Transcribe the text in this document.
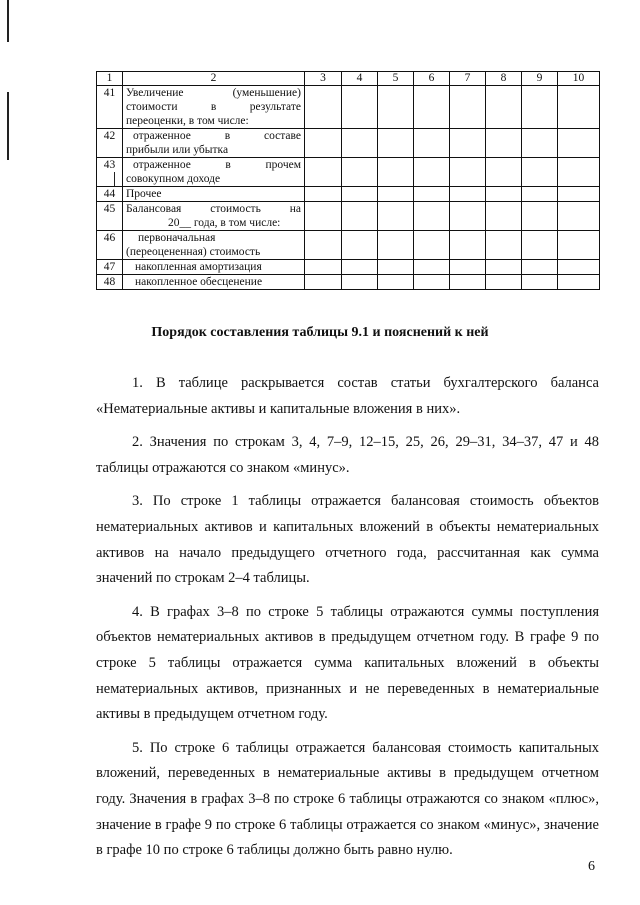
1	2	3	4	5	6	7	8	9	10
41	Увеличение (уменьшение)
стоимости в результате
переоценки, в том числе:								

42	отраженное в составе
прибыли или убытка								

43	отраженное в прочем
совокупном доходе								

44	Прочее								
45	Балансовая стоимость на
20__ года, в том числе:								

46	первоначальная
(переоцененная) стоимость								

47	накопленная амортизация								
48	накопленное обесценение								
Порядок составления таблицы 9.1 и пояснений к ней

1. В таблице раскрывается состав статьи бухгалтерского баланса «Нематериальные активы и капитальные вложения в них».

2. Значения по строкам 3, 4, 7–9, 12–15, 25, 26, 29–31, 34–37, 47 и 48 таблицы отражаются со знаком «минус».

3. По строке 1 таблицы отражается балансовая стоимость объектов нематериальных активов и капитальных вложений в объекты нематериальных активов на начало предыдущего отчетного года, рассчитанная как сумма значений по строкам 2–4 таблицы.

4. В графах 3–8 по строке 5 таблицы отражаются суммы поступления объектов нематериальных активов в предыдущем отчетном году. В графе 9 по строке 5 таблицы отражается сумма капитальных вложений в объекты нематериальных активов, признанных и не переведенных в нематериальные активы в предыдущем отчетном году.

5. По строке 6 таблицы отражается балансовая стоимость капитальных вложений, переведенных в нематериальные активы в предыдущем отчетном году. Значения в графах 3–8 по строке 6 таблицы отражаются со знаком «плюс», значение в графе 9 по строке 6 таблицы отражается со знаком «минус», значение в графе 10 по строке 6 таблицы должно быть равно нулю.

6
